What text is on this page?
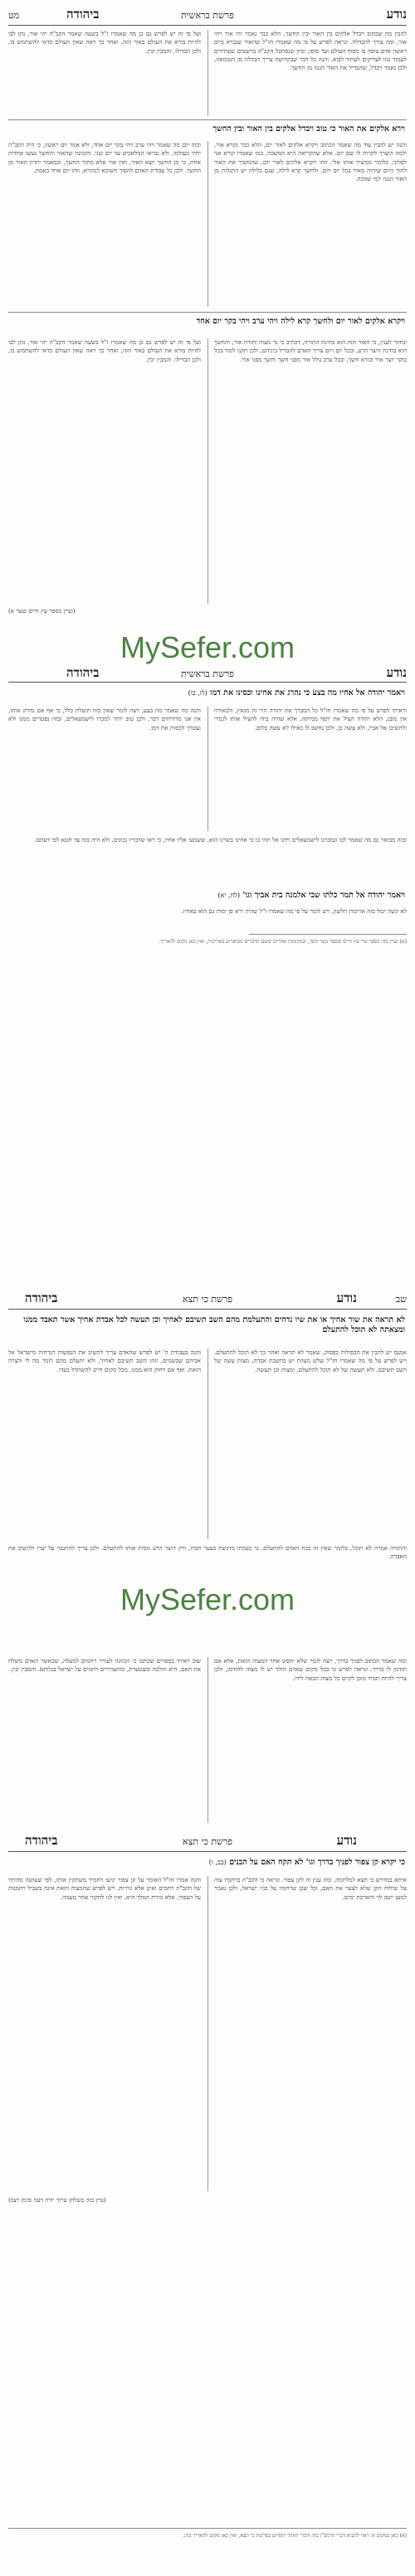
נודע
פרשת בראשית
ביהודה
מט
להבין מה שכתוב ויבדל אלקים בין האור ובין החשך, הלא כבר נאמר יהי אור ויהי אור, ומה צורך להבדלה. ונראה לפרש על פי מה שאמרו חז"ל שהאור שנברא ביום ראשון אדם צופה בו מסוף העולם ועד סופו, וכיון שנסתכל הקב"ה ברשעים שעתידים לעמוד גנזו לצדיקים לעתיד לבוא. והנה כל דבר שבקדושה צריך הבדלה מן הטומאה, ולכן נאמר ויבדל, שהבדיל את האור הגנוז מן החשך.
ועל פי זה יש לפרש גם כן מה שאמרו ז"ל בשעה שאמר הקב"ה יהי אור, נתן לבו להיות בורא את העולם באור הזה, ואחר כך ראה שאין העולם כדאי להשתמש בו, ולכן הבדילו. והמבין יבין.
וירא אלקים את האור כי טוב ויבדל אלקים בין האור ובין החשך
והנה יש להבין עוד מה שאמר הכתוב ויקרא אלקים לאור יום, הלא כבר נקרא אור, ולמה הוצרך לקרות לו שם יום. אלא שהקריאה היא המשכה, כמו שאמרו קורא אני לפלוני, כלומר ממשיך אותו אלי. וזהו ויקרא אלקים לאור יום, שהמשיך את האור לתוך היום שיהיה מאיר בכל יום ויום, ולחשך קרא לילה, שגם בלילה יש התגלות מן האור הגנוז למי שזוכה.
ובזה יובן מה שאמר ויהי ערב ויהי בקר יום אחד, ולא אמר יום ראשון, כי היה הקב"ה יחיד בעולמו, ולא נבראו המלאכים עד יום שני. והכוונה שהאור והחשך נעשו אחדות אחת, כי מן החשך יוצא האור, ואין אור אלא מתוך החשך, וכמאמר יתרון האור מן החשך. ולכן כל עבודת האדם להפוך חשוכא לנהורא, וזהו יום אחד באמת.
ויקרא אלקים לאור יום ולחשך קרא לילה ויהי ערב ויהי בקר יום אחד
ונחזור לענין, כי האור הזה הוא בחינת התורה, דכתיב כי נר מצוה ותורה אור, והחשך הוא בחינת היצר הרע, ובכל יום ויום צריך האדם להבדיל ביניהם, ולכן תקנו לומר בכל בוקר יוצר אור ובורא חשך, ובכל ערב גולל אור מפני חשך וחשך מפני אור.
ועל פי זה יש לפרש גם כן מה שאמרו ז"ל בשעה שאמר הקב"ה יהי אור, נתן לבו להיות בורא את העולם באור הזה, ואחר כך ראה שאין העולם כדאי להשתמש בו, ולכן הבדילו. והמבין יבין.
(ועיין בספר עץ חיים שער א)
MySefer.com
נודע
פרשת בראשית
ביהודה
ויאמר יהודה אל אחיו מה בצע כי נהרג את אחינו וכסינו את דמו (לז, כו)
וראיתי לפרש על פי מה שאמרו חז"ל כל המברך את יהודה הרי זה מנאץ, ולכאורה אין מובן, הלא יהודה הציל את יוסף ממיתה. אלא שהיה בידו להציל אותו לגמרי ולהשיבו אל אביו, ולא עשה כן, ולכן נחשב לו כאילו לא עשה כלום.
והנה מה שאמר מה בצע, רצה לומר שאין בזה תועלת כלל, כי אף אם נהרוג אותו, אין אנו מרוויחים דבר, ולכן טוב יותר למכרו לישמעאלים, ובזה נפטרים ממנו ולא נצטרך לכסות את דמו.
ובזה מבואר גם מה שאמר לכו ונמכרנו לישמעאלים וידנו אל תהי בו כי אחינו בשרנו הוא, ששמעו אליו אחיו, כי ראו שדבריו נכונים, ולא היה בזה צד חטא לפי דעתם.
ויאמר יהודה אל תמר כלתו שבי אלמנה בית אביך וגו' (לח, יא)
לא קשה יכול בזה אריכות הלשון, ויש לומר על פי מה שאמרו ז"ל שהיה ירא פן ימות גם הוא כאחיו.
(א) ועיין בזה בספר פרי עץ חיים ובספר נוצר חסד, ובמקומות אחרים ששם הדברים מבוארים באריכות, ואין כאן מקום להאריך.
שב
נודע
פרשת כי תצא
ביהודה
לא תראה את שור אחיך או את שיו נדחים והתעלמת מהם השב תשיבם לאחיך וכן תעשה לכל אבדת אחיך אשר תאבד ממנו ומצאתה לא תוכל להתעלם
אמנם יש להבין את הכפילות בפסוק, שאמר לא תראה ואחר כך לא תוכל להתעלם. ויש לפרש על פי מה שאמרו חז"ל שלש מצוות יש בהשבת אבדה, מצות עשה של השב תשיבם, ולא תעשה של לא תוכל להתעלם, ומצות וכן תעשה.
והנה בעבודת ה' יש לפרש שהאדם צריך להשיב את הנפשות הנדחות מישראל אל אביהם שבשמים, וזהו השב תשיבם לאחיך, ולא יתעלם מהם לומר מה לי ולצרה הזאת. ואף אם רחוק הוא ממנו, מכל מקום חייב להשתדל בעדו.
והתורה אמרה לא תוכל, כלומר שאין זה בכח האדם להתעלם, כי נשמתו מרגשת בצער חברו, ורק היצר הרע מסית אותו להתעלם. ולכן צריך להתגבר על יצרו ולהשיב את האבדה.
MySefer.com
ומה שאמר הכתוב לפניך בדרך, רצה לומר שלא יחפש אחר המצוה הזאת, אלא אם תזדמן לו בדרך. ונראה לפרש כי בכל מקום שאדם הולך יש לו מצוה להזדמן, ולכן צריך להיות תמיד מוכן לקיים כל מצוה הבאה לידו.
שוב ראיתי בספרים שכתבו כי הכוונה לעורר רחמים למעלה, שכאשר האדם משלח את האם, היא הולכת ומצטערת, ומתעוררים רחמים על ישראל בגלותם. והמבין יבין.
נודע
פרשת כי תצא
ביהודה
כי יקרא קן צפור לפניך בדרך וגו' לא תקח האם על הבנים (כב, ו)
איתא במדרש כי תצא למלחמה, ומה ענין זה לקן צפור. ונראה כי הקב"ה ברחמיו צוה על שילוח הקן שלא לצער את האם, וכל שכן שרחמיו על בניו ישראל, ולכן נאמר למען ייטב לך והארכת ימים.
והנה אמרו חז"ל האומר על קן צפור יגיעו רחמיך משתקין אותו, לפי שעושה מדותיו של הקב"ה רחמים ואינן אלא גזירות. ויש לפרש שהמצוה הזאת אינה בשביל רחמנות על הצפור, אלא גזירת המלך היא, ואין לנו לחקור אחר טעמה.
(עיין בזה בשלחן ערוך יורה דעה סימן רצב)
(א) כאן במקום זה ראוי להביא דברי הרמב"ן בזה ודברי הזוהר הקדוש בפרשת כי תצא, ואין כאן מקום להאריך בזה.
